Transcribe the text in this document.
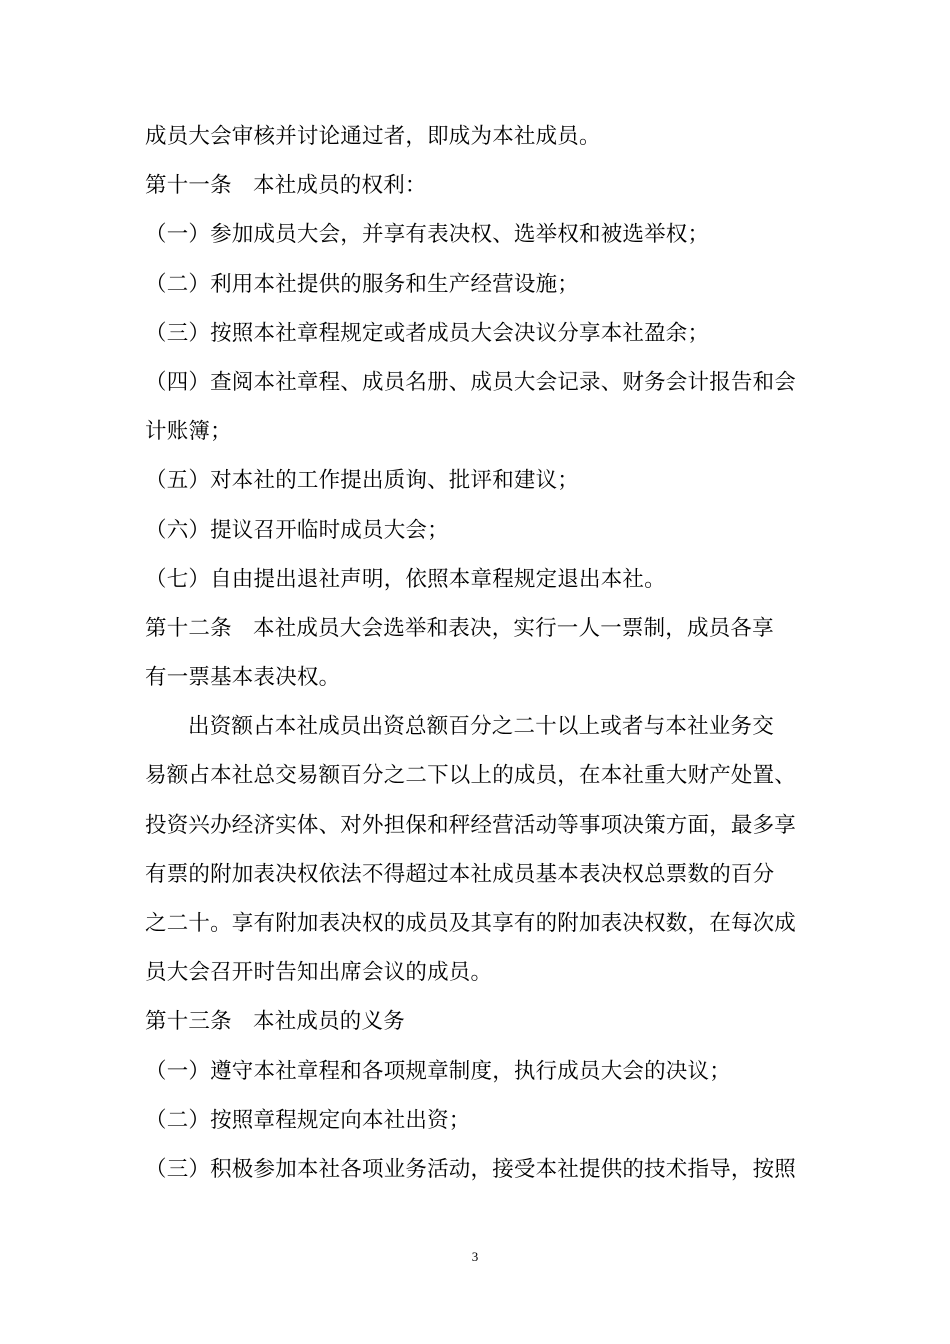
成员大会审核并讨论通过者，即成为本社成员。
第十一条 本社成员的权利：
（一）参加成员大会，并享有表决权、选举权和被选举权；
（二）利用本社提供的服务和生产经营设施；
（三）按照本社章程规定或者成员大会决议分享本社盈余；
（四）查阅本社章程、成员名册、成员大会记录、财务会计报告和会
计账簿；
（五）对本社的工作提出质询、批评和建议；
（六）提议召开临时成员大会；
（七）自由提出退社声明，依照本章程规定退出本社。
第十二条 本社成员大会选举和表决，实行一人一票制，成员各享
有一票基本表决权。
出资额占本社成员出资总额百分之二十以上或者与本社业务交
易额占本社总交易额百分之二下以上的成员，在本社重大财产处置、
投资兴办经济实体、对外担保和秤经营活动等事项决策方面，最多享
有票的附加表决权依法不得超过本社成员基本表决权总票数的百分
之二十。享有附加表决权的成员及其享有的附加表决权数，在每次成
员大会召开时告知出席会议的成员。
第十三条 本社成员的义务
（一）遵守本社章程和各项规章制度，执行成员大会的决议；
（二）按照章程规定向本社出资；
（三）积极参加本社各项业务活动，接受本社提供的技术指导，按照
3
